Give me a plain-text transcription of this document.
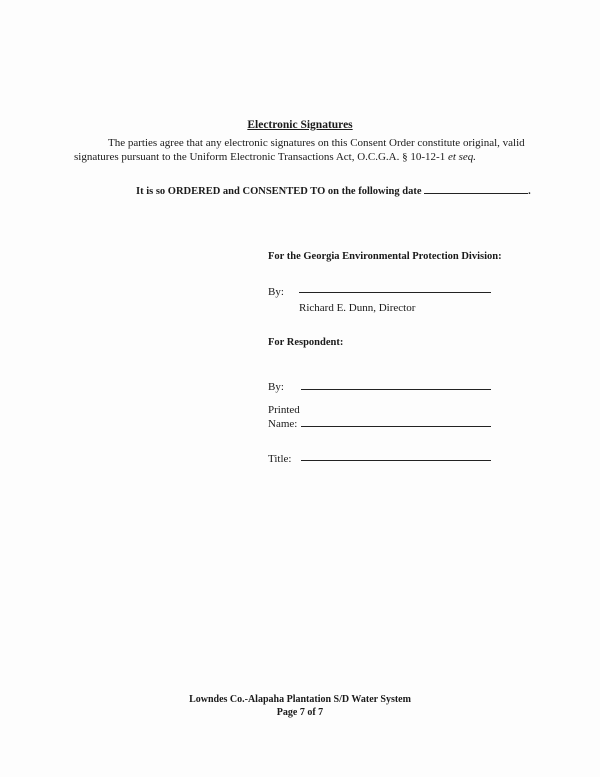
Electronic Signatures
The parties agree that any electronic signatures on this Consent Order constitute original, valid
signatures pursuant to the Uniform Electronic Transactions Act, O.C.G.A. § 10-12-1 et seq.
It is so ORDERED and CONSENTED TO on the following date	.
For the Georgia Environmental Protection Division:
By:
Richard E. Dunn, Director
For Respondent:
By:
Printed
Name:
Title:
Lowndes Co.-Alapaha Plantation S/D Water System
Page 7 of 7
